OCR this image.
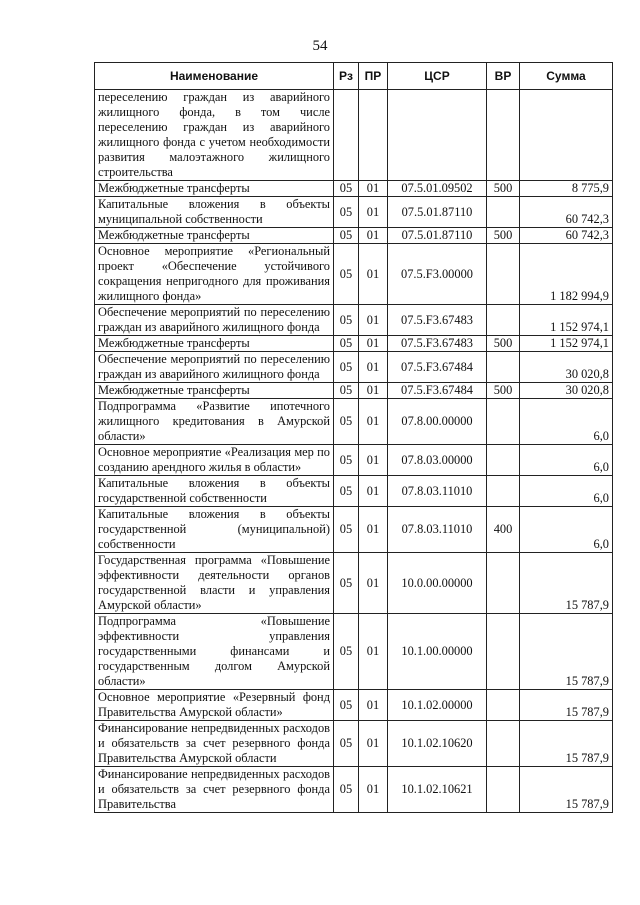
54
Наименование	Рз	ПР	ЦСР	ВР	Сумма
переселению граждан из аварийного жилищного фонда, в том числе переселению граждан из аварийного жилищного фонда с учетом необходимости развития малоэтажного жилищного строительства					
Межбюджетные трансферты	05	01	07.5.01.09502	500	8 775,9
Капитальные вложения в объекты муниципальной собственности	05	01	07.5.01.87110		60 742,3
Межбюджетные трансферты	05	01	07.5.01.87110	500	60 742,3
Основное мероприятие «Региональный проект «Обеспечение устойчивого сокращения непригодного для проживания жилищного фонда»	05	01	07.5.F3.00000		1 182 994,9
Обеспечение мероприятий по переселению граждан из аварийного жилищного фонда	05	01	07.5.F3.67483		1 152 974,1
Межбюджетные трансферты	05	01	07.5.F3.67483	500	1 152 974,1
Обеспечение мероприятий по переселению граждан из аварийного жилищного фонда	05	01	07.5.F3.67484		30 020,8
Межбюджетные трансферты	05	01	07.5.F3.67484	500	30 020,8
Подпрограмма «Развитие ипотечного жилищного кредитования в Амурской области»	05	01	07.8.00.00000		6,0
Основное мероприятие «Реализация мер по созданию арендного жилья в области»	05	01	07.8.03.00000		6,0
Капитальные вложения в объекты государственной собственности	05	01	07.8.03.11010		6,0
Капитальные вложения в объекты государственной (муниципальной) собственности	05	01	07.8.03.11010	400	6,0
Государственная программа «Повышение эффективности деятельности органов государственной власти и управления Амурской области»	05	01	10.0.00.00000		15 787,9
Подпрограмма «Повышение эффективности управления государственными финансами и государственным долгом Амурской области»	05	01	10.1.00.00000		15 787,9
Основное мероприятие «Резервный фонд Правительства Амурской области»	05	01	10.1.02.00000		15 787,9
Финансирование непредвиденных расходов и обязательств за счет резервного фонда Правительства Амурской области	05	01	10.1.02.10620		15 787,9
Финансирование непредвиденных расходов и обязательств за счет резервного фонда Правительства	05	01	10.1.02.10621		15 787,9
